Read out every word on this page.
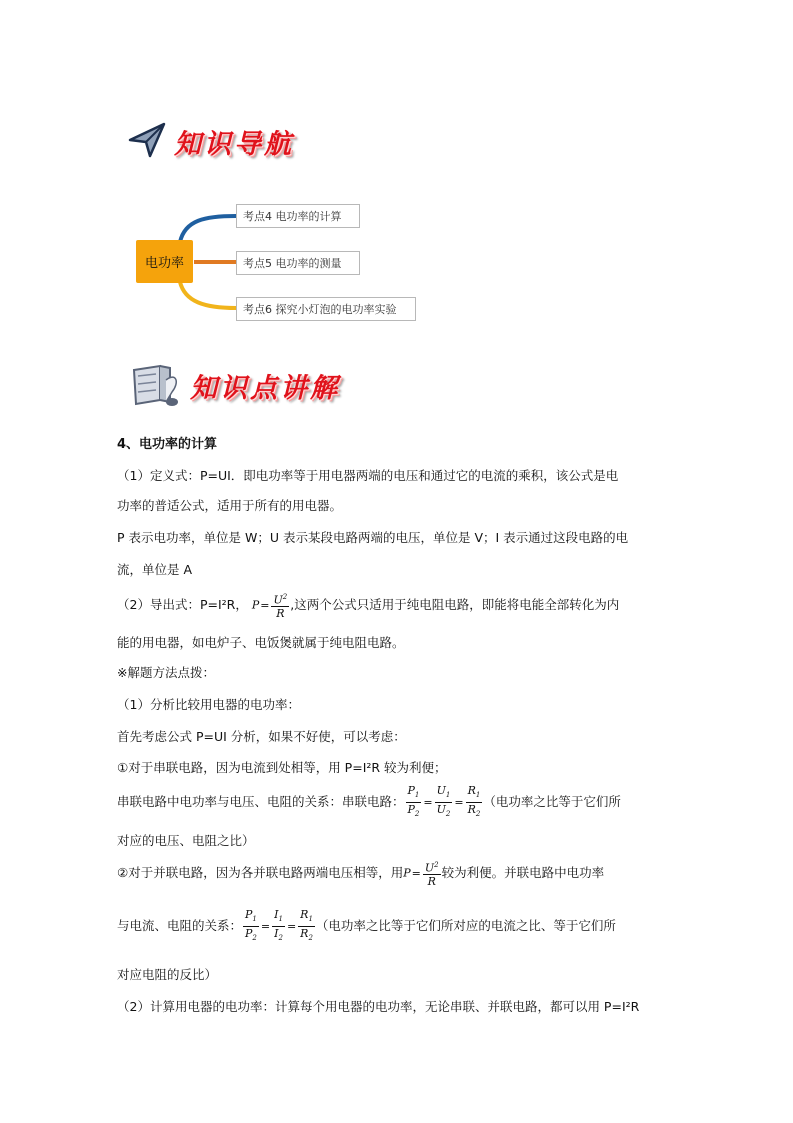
知识导航
电功率
考点4 电功率的计算
考点5 电功率的测量
考点6 探究小灯泡的电功率实验
知识点讲解
4、电功率的计算
（1）定义式：P=UI．即电功率等于用电器两端的电压和通过它的电流的乘积，该公式是电
功率的普适公式，适用于所有的用电器。
P 表示电功率，单位是 W；U 表示某段电路两端的电压，单位是 V；I 表示通过这段电路的电
流，单位是 A
（2）导出式：P=I²R， $P= \frac{U^2}{R}$ ,这两个公式只适用于纯电阻电路，即能将电能全部转化为内
能的用电器，如电炉子、电饭煲就属于纯电阻电路。
※解题方法点拨：
（1）分析比较用电器的电功率：
首先考虑公式 P=UI 分析，如果不好使，可以考虑：
①对于串联电路，因为电流到处相等，用 P=I²R 较为利便；
串联电路中电功率与电压、电阻的关系：串联电路： $\frac{P_1}{P_2} = \frac{U_1}{U_2} = \frac{R_1}{R_2}$ （电功率之比等于它们所
对应的电压、电阻之比）
②对于并联电路，因为各并联电路两端电压相等，用$P= \frac{U^2}{R}$ 较为利便。并联电路中电功率
与电流、电阻的关系： $\frac{P_1}{P_2} = \frac{I_1}{I_2} = \frac{R_1}{R_2}$ （电功率之比等于它们所对应的电流之比、等于它们所
对应电阻的反比）
（2）计算用电器的电功率：计算每个用电器的电功率，无论串联、并联电路，都可以用 P=I²R
